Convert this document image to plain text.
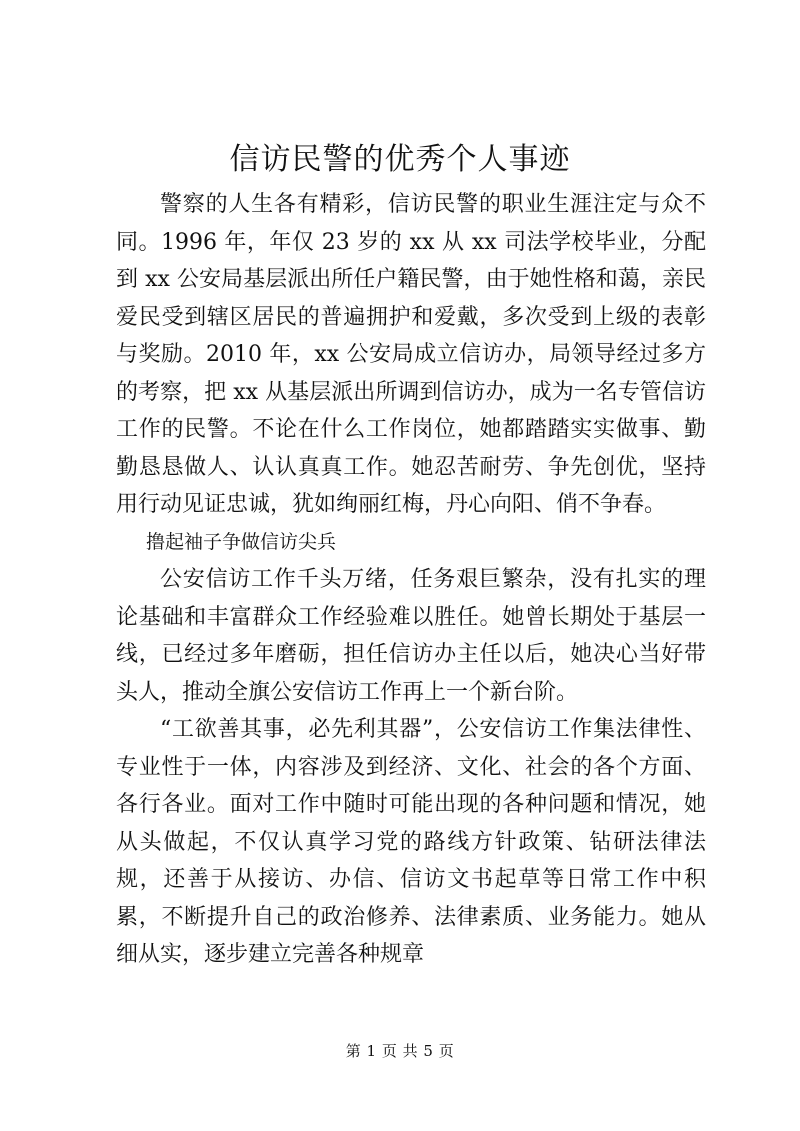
信访民警的优秀个人事迹

警察的人生各有精彩，信访民警的职业生涯注定与众不同。1996 年，年仅 23 岁的 xx 从 xx 司法学校毕业，分配到 xx 公安局基层派出所任户籍民警，由于她性格和蔼，亲民爱民受到辖区居民的普遍拥护和爱戴，多次受到上级的表彰与奖励。2010 年，xx 公安局成立信访办，局领导经过多方的考察，把 xx 从基层派出所调到信访办，成为一名专管信访工作的民警。不论在什么工作岗位，她都踏踏实实做事、勤勤恳恳做人、认认真真工作。她忍苦耐劳、争先创优，坚持用行动见证忠诚，犹如绚丽红梅，丹心向阳、俏不争春。

撸起袖子争做信访尖兵

公安信访工作千头万绪，任务艰巨繁杂，没有扎实的理论基础和丰富群众工作经验难以胜任。她曾长期处于基层一线，已经过多年磨砺，担任信访办主任以后，她决心当好带头人，推动全旗公安信访工作再上一个新台阶。

“工欲善其事，必先利其器”，公安信访工作集法律性、专业性于一体，内容涉及到经济、文化、社会的各个方面、各行各业。面对工作中随时可能出现的各种问题和情况，她从头做起，不仅认真学习党的路线方针政策、钻研法律法规，还善于从接访、办信、信访文书起草等日常工作中积累，不断提升自己的政治修养、法律素质、业务能力。她从细从实，逐步建立完善各种规章

第 1 页 共 5 页
